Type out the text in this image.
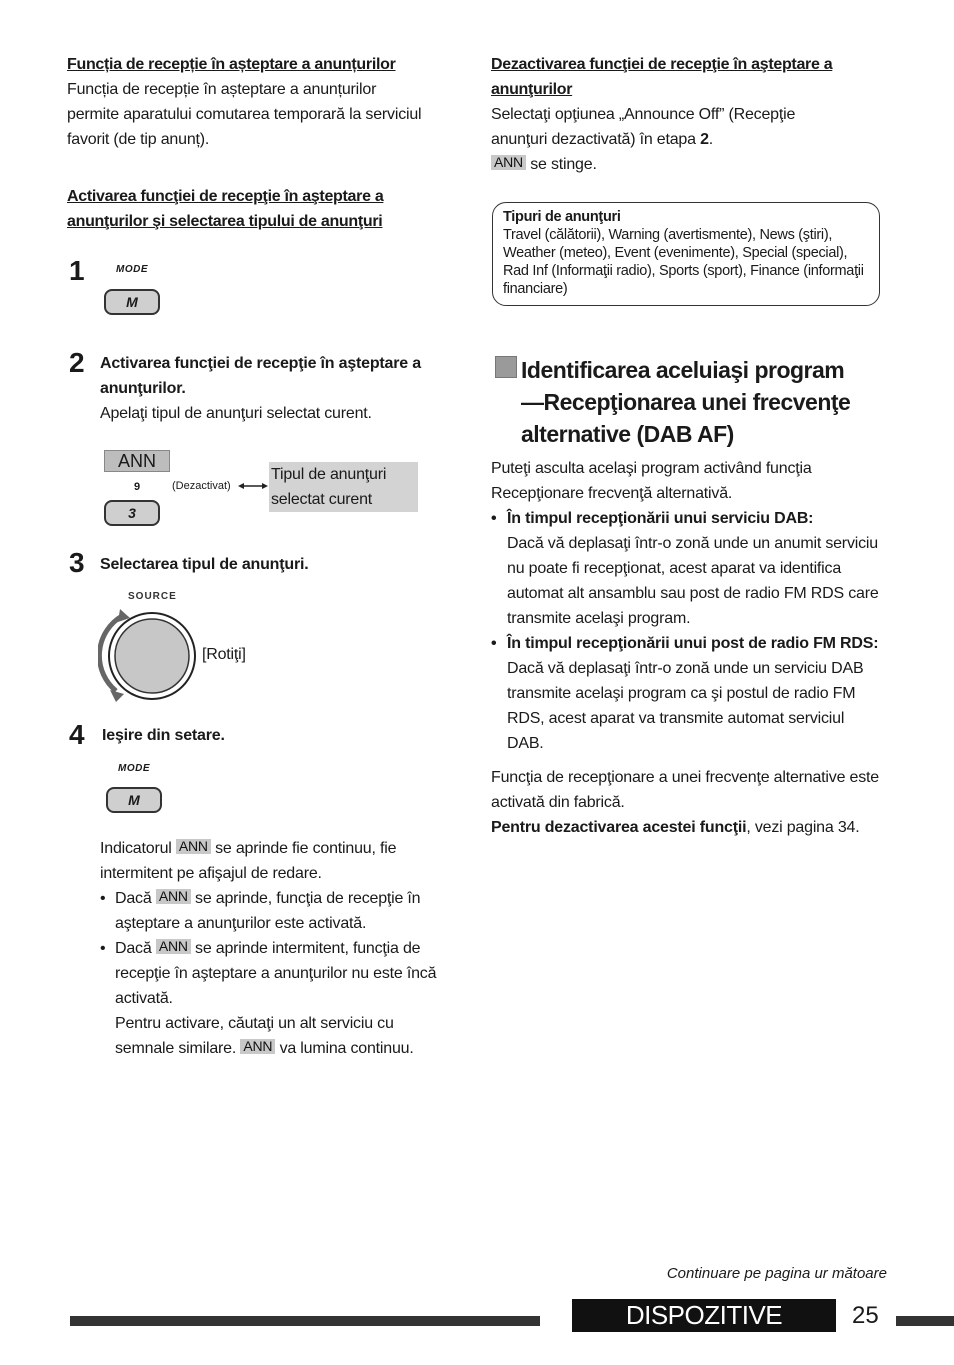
Funcția de recepție în așteptare a anunțurilor
Funcția de recepție în așteptare a anunțurilor permite aparatului comutarea temporară la serviciul favorit (de tip anunț).
Activarea funcţiei de recepţie în aşteptare a anunţurilor şi selectarea tipului de anunţuri
1	MODE
M
2 Activarea funcţiei de recepţie în aşteptare a anunţurilor.
Apelaţi tipul de anunţuri selectat curent.
ANN
9
3
(Dezactivat)
Tipul de anunţuri selectat curent
3 Selectarea tipul de anunţuri.
SOURCE
[Rotiţi]
4 Ieşire din setare.
MODE
M
Indicatorul ANN se aprinde fie continuu, fie intermitent pe afişajul de redare.
• Dacă ANN se aprinde, funcţia de recepţie în aşteptare a anunţurilor este activată.
• Dacă ANN se aprinde intermitent, funcţia de recepţie în aşteptare a anunţurilor nu este încă activată.
Pentru activare, căutaţi un alt serviciu cu semnale similare. ANN va lumina continuu.
Dezactivarea funcţiei de recepţie în aşteptare a anunţurilor
Selectaţi opţiunea „Announce Off” (Recepţie anunţuri dezactivată) în etapa 2.
ANN se stinge.
Tipuri de anunţuri
Travel (călătorii), Warning (avertismente), News (ştiri), Weather (meteo), Event (evenimente), Special (special), Rad Inf (Informaţii radio), Sports (sport), Finance (informaţii financiare)
Identificarea aceluiaşi program—Recepţionarea unei frecvenţe alternative (DAB AF)
Puteţi asculta acelaşi program activând funcţia Recepţionare frecvenţă alternativă.
• În timpul recepţionării unui serviciu DAB:
Dacă vă deplasaţi într-o zonă unde un anumit serviciu nu poate fi recepţionat, acest aparat va identifica automat alt ansamblu sau post de radio FM RDS care transmite acelaşi program.
• În timpul recepţionării unui post de radio FM RDS:
Dacă vă deplasaţi într-o zonă unde un serviciu DAB transmite acelaşi program ca şi postul de radio FM RDS, acest aparat va transmite automat serviciul DAB.
Funcţia de recepţionare a unei frecvenţe alternative este activată din fabrică.
Pentru dezactivarea acestei funcţii, vezi pagina 34.
Continuare pe pagina ur mătoare
DISPOZITIVE EXTERNE
25
